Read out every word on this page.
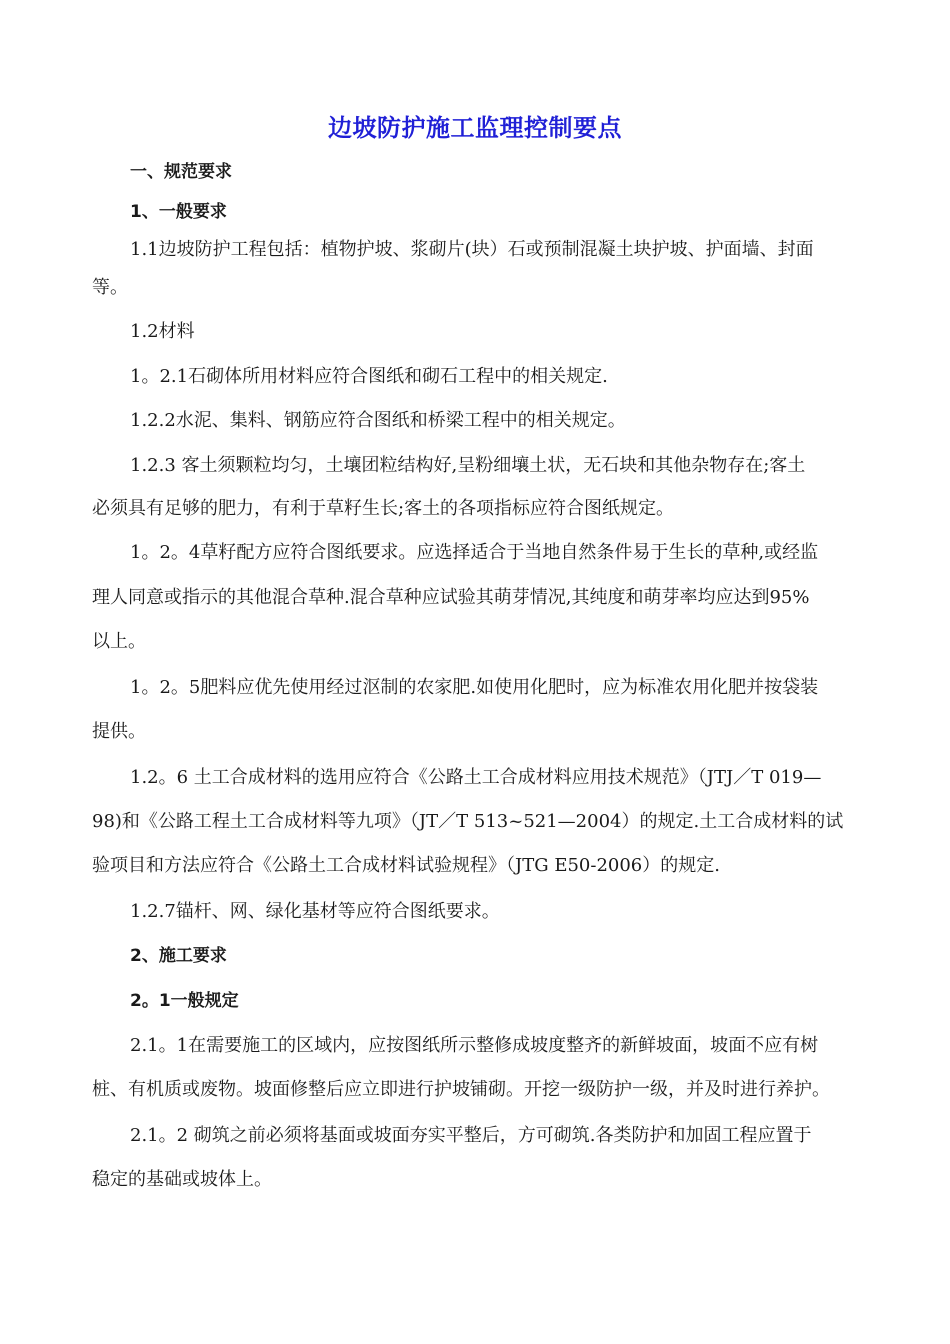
边坡防护施工监理控制要点
一、规范要求
1、一般要求
1.1边坡防护工程包括：植物护坡、浆砌片(块）石或预制混凝土块护坡、护面墙、封面
等。
1.2材料
1。2.1石砌体所用材料应符合图纸和砌石工程中的相关规定.
1.2.2水泥、集料、钢筋应符合图纸和桥梁工程中的相关规定。
1.2.3 客土须颗粒均匀，土壤团粒结构好,呈粉细壤土状，无石块和其他杂物存在;客土
必须具有足够的肥力，有利于草籽生长;客土的各项指标应符合图纸规定。
1。2。4草籽配方应符合图纸要求。应选择适合于当地自然条件易于生长的草种,或经监
理人同意或指示的其他混合草种.混合草种应试验其萌芽情况,其纯度和萌芽率均应达到95%
以上。
1。2。5肥料应优先使用经过沤制的农家肥.如使用化肥时，应为标准农用化肥并按袋装
提供。
1.2。6 土工合成材料的选用应符合《公路土工合成材料应用技术规范》（JTJ／T 019—
98)和《公路工程土工合成材料等九项》（JT／T 513~521—2004）的规定.土工合成材料的试
验项目和方法应符合《公路土工合成材料试验规程》（JTG E50-2006）的规定.
1.2.7锚杆、网、绿化基材等应符合图纸要求。
2、施工要求
2。1一般规定
2.1。1在需要施工的区域内，应按图纸所示整修成坡度整齐的新鲜坡面，坡面不应有树
桩、有机质或废物。坡面修整后应立即进行护坡铺砌。开挖一级防护一级，并及时进行养护。
2.1。2 砌筑之前必须将基面或坡面夯实平整后，方可砌筑.各类防护和加固工程应置于
稳定的基础或坡体上。
